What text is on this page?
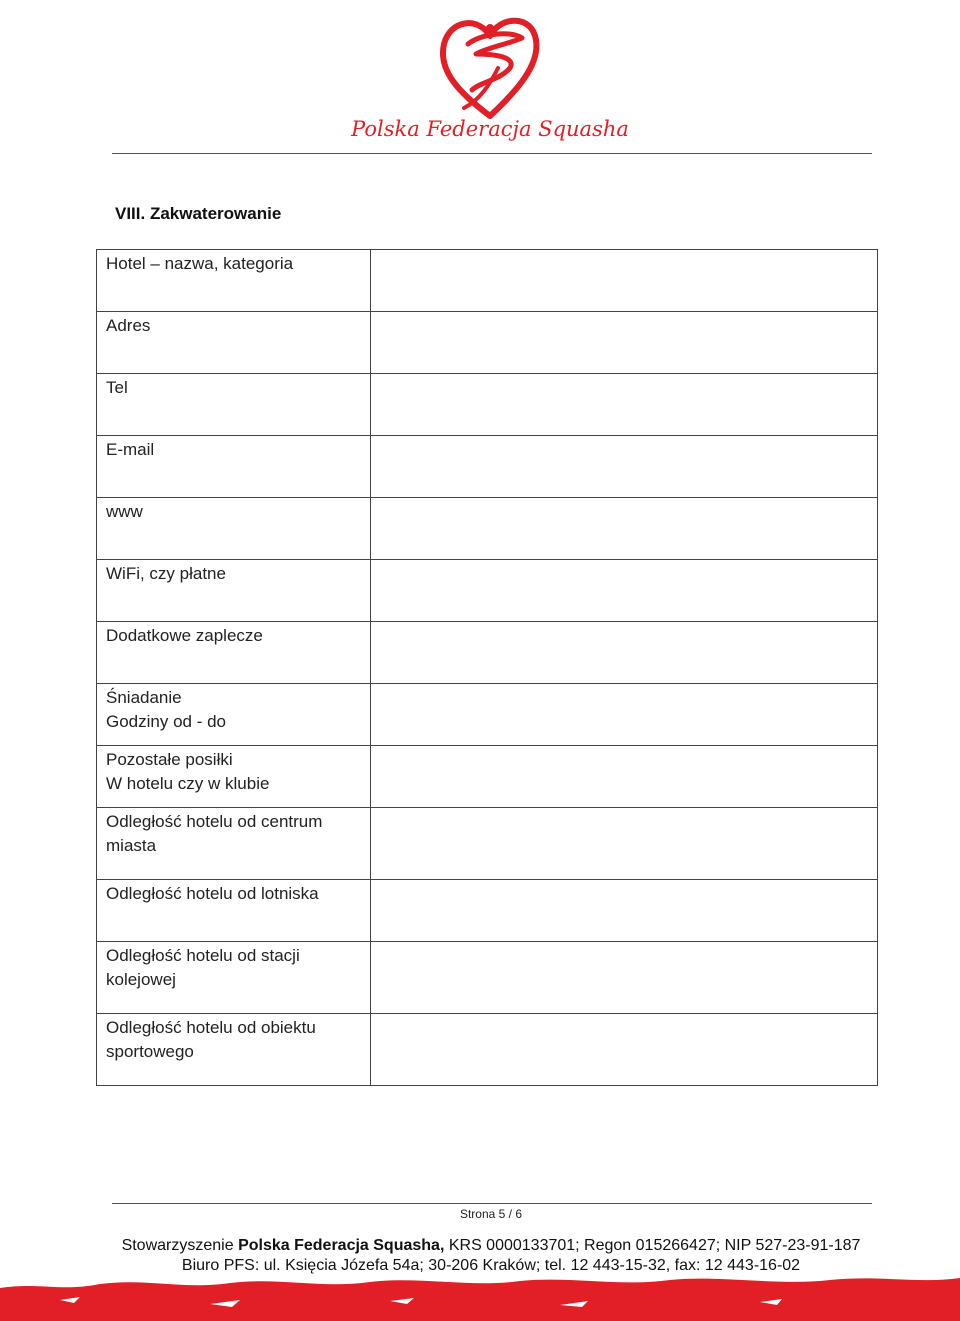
Polska Federacja Squasha
VIII. Zakwaterowanie
Hotel – nazwa, kategoria	

Adres	

Tel	

E-mail	

www	

WiFi, czy płatne	

Dodatkowe zaplecze	

Śniadanie
Godziny od - do	

Pozostałe posiłki
W hotelu czy w klubie	

Odległość hotelu od centrum
miasta	

Odległość hotelu od lotniska	

Odległość hotelu od stacji
kolejowej	

Odległość hotelu od obiektu
sportowego	

Strona 5 / 6
Stowarzyszenie Polska Federacja Squasha, KRS 0000133701; Regon 015266427; NIP 527-23-91-187
Biuro PFS: ul. Księcia Józefa 54a; 30-206 Kraków; tel. 12 443-15-32, fax: 12 443-16-02
